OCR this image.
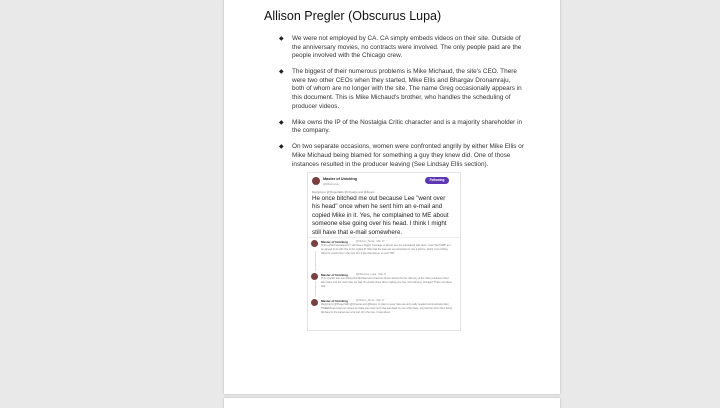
Allison Pregler (Obscurus Lupa)
◆ We were not employed by CA. CA simply embeds videos on their site. Outside of the anniversary movies, no contracts were involved. The only people paid are the people involved with the Chicago crew.
◆ The biggest of their numerous problems is Mike Michaud, the site's CEO. There were two other CEOs when they started, Mike Ellis and Bhargav Dronamraju, both of whom are no longer with the site. The name Greg occasionally appears in this document. This is Mike Michaud's brother, who handles the scheduling of producer videos.
◆ Mike owns the IP of the Nostalgia Critic character and is a majority shareholder in the company.
◆ On two separate occasions, women were confronted angrily by either Mike Ellis or Mike Michaud being blamed for something a guy they knew did. One of those instances resulted in the producer leaving (See Lindsay Ellis section).
Master of Unicking
@Obscurus_...
Following
Replying to @Pregerfallin @Cheazio and @Zoops
He once bitched me out because Lee "went over his head" once when he sent him an e-mail and copied Mike in it. Yes, he complained to ME about someone else going over his head. I think I might still have that e-mail somewhere.
Master of Unicking	@Obscur_Sunst · Mar 17
That's what that happens! I still have a bigger message so all can see the unreleased side facts. I was that TMPP an I as agreed to do with this to the replied IP. Who has the lean ass as permission to use a picture, which I not nothing when he would only in the time of it a day that was so so sunt TMT.
Master of Unicking	@Obscurus_Lupa · Mar 17
This conduct was something that Michaud and I had not shown across the line with any of the other producers that I also came into the room that, we had. He would chose when making one has. Do it all long. Chicago? That's not about that.
Master of Unicking	@Obscur_Sunst · Mar 17
Replying to @Pregerfallin @Cheazio and @Zoops. In plan to never have we only really needed communicated also TWEEDS and was out names so make sure that much that was back by one of the facts, say that the when then being Michaud in the sunset are a for sort of in the loss. It was about.
